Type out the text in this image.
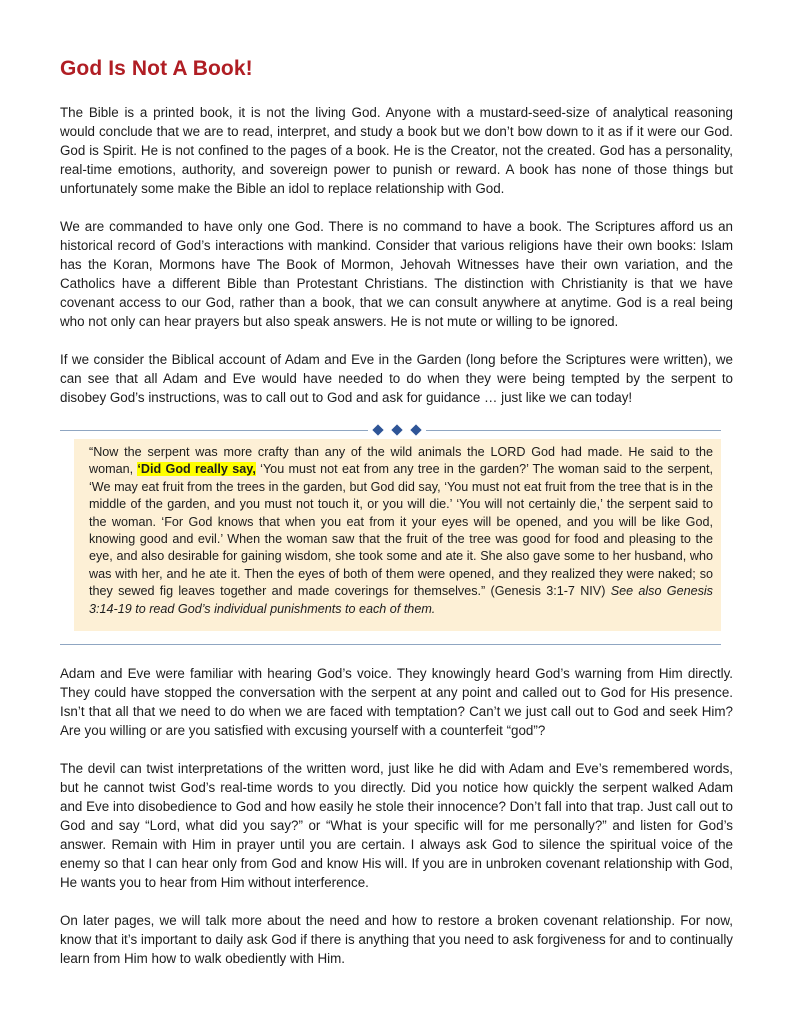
God Is Not A Book!

The Bible is a printed book, it is not the living God. Anyone with a mustard-seed-size of analytical reasoning would conclude that we are to read, interpret, and study a book but we don’t bow down to it as if it were our God. God is Spirit. He is not confined to the pages of a book. He is the Creator, not the created. God has a personality, real-time emotions, authority, and sovereign power to punish or reward. A book has none of those things but unfortunately some make the Bible an idol to replace relationship with God.

We are commanded to have only one God. There is no command to have a book. The Scriptures afford us an historical record of God’s interactions with mankind. Consider that various religions have their own books: Islam has the Koran, Mormons have The Book of Mormon, Jehovah Witnesses have their own variation, and the Catholics have a different Bible than Protestant Christians. The distinction with Christianity is that we have covenant access to our God, rather than a book, that we can consult anywhere at anytime. God is a real being who not only can hear prayers but also speak answers. He is not mute or willing to be ignored.

If we consider the Biblical account of Adam and Eve in the Garden (long before the Scriptures were written), we can see that all Adam and Eve would have needed to do when they were being tempted by the serpent to disobey God’s instructions, was to call out to God and ask for guidance … just like we can today!

“Now the serpent was more crafty than any of the wild animals the LORD God had made. He said to the woman, ‘Did God really say, ‘You must not eat from any tree in the garden?’ The woman said to the serpent, ‘We may eat fruit from the trees in the garden, but God did say, ‘You must not eat fruit from the tree that is in the middle of the garden, and you must not touch it, or you will die.’ ‘You will not certainly die,’ the serpent said to the woman. ‘For God knows that when you eat from it your eyes will be opened, and you will be like God, knowing good and evil.’ When the woman saw that the fruit of the tree was good for food and pleasing to the eye, and also desirable for gaining wisdom, she took some and ate it. She also gave some to her husband, who was with her, and he ate it. Then the eyes of both of them were opened, and they realized they were naked; so they sewed fig leaves together and made coverings for themselves.” (Genesis 3:1-7 NIV) See also Genesis 3:14-19 to read God’s individual punishments to each of them.

Adam and Eve were familiar with hearing God’s voice. They knowingly heard God’s warning from Him directly. They could have stopped the conversation with the serpent at any point and called out to God for His presence. Isn’t that all that we need to do when we are faced with temptation? Can’t we just call out to God and seek Him? Are you willing or are you satisfied with excusing yourself with a counterfeit “god”?

The devil can twist interpretations of the written word, just like he did with Adam and Eve’s remembered words, but he cannot twist God’s real-time words to you directly. Did you notice how quickly the serpent walked Adam and Eve into disobedience to God and how easily he stole their innocence? Don’t fall into that trap. Just call out to God and say “Lord, what did you say?” or “What is your specific will for me personally?” and listen for God’s answer. Remain with Him in prayer until you are certain. I always ask God to silence the spiritual voice of the enemy so that I can hear only from God and know His will. If you are in unbroken covenant relationship with God, He wants you to hear from Him without interference.

On later pages, we will talk more about the need and how to restore a broken covenant relationship. For now, know that it’s important to daily ask God if there is anything that you need to ask forgiveness for and to continually learn from Him how to walk obediently with Him.
